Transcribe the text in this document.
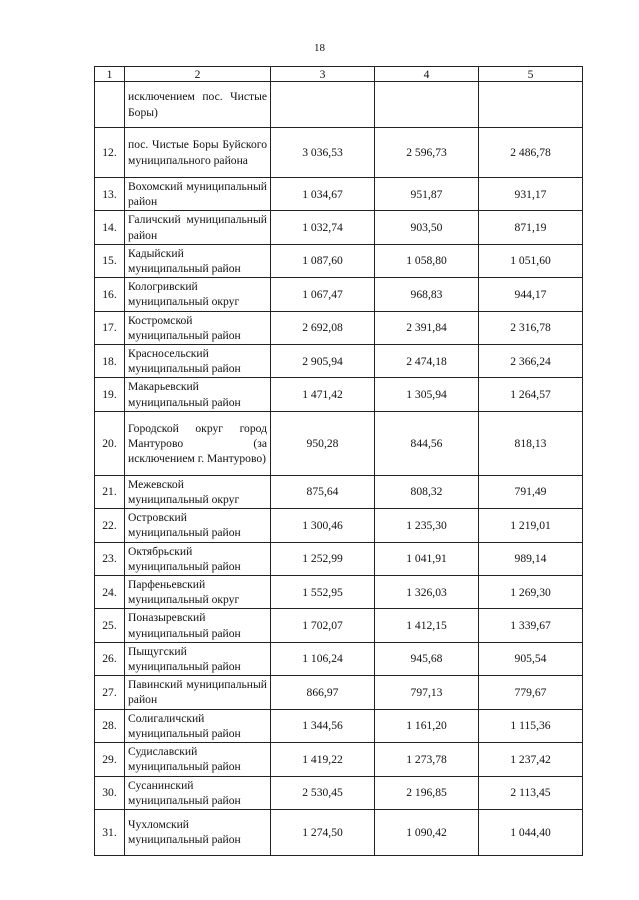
18
1	2	3	4	5
	исключением пос. Чистые Боры)			
12.	пос. Чистые Боры Буйского муниципального района	3 036,53	2 596,73	2 486,78
13.	Вохомский муниципальный район	1 034,67	951,87	931,17
14.	Галичский муниципальный район	1 032,74	903,50	871,19
15.	Кадыйский муниципальный район	1 087,60	1 058,80	1 051,60
16.	Кологривский муниципальный округ	1 067,47	968,83	944,17
17.	Костромской муниципальный район	2 692,08	2 391,84	2 316,78
18.	Красносельский муниципальный район	2 905,94	2 474,18	2 366,24
19.	Макарьевский муниципальный район	1 471,42	1 305,94	1 264,57
20.	Городской округ город Мантурово (за исключением г. Мантурово)	950,28	844,56	818,13
21.	Межевской муниципальный округ	875,64	808,32	791,49
22.	Островский муниципальный район	1 300,46	1 235,30	1 219,01
23.	Октябрьский муниципальный район	1 252,99	1 041,91	989,14
24.	Парфеньевский муниципальный округ	1 552,95	1 326,03	1 269,30
25.	Поназыревский муниципальный район	1 702,07	1 412,15	1 339,67
26.	Пыщугский муниципальный район	1 106,24	945,68	905,54
27.	Павинский муниципальный район	866,97	797,13	779,67
28.	Солигаличский муниципальный район	1 344,56	1 161,20	1 115,36
29.	Судиславский муниципальный район	1 419,22	1 273,78	1 237,42
30.	Сусанинский муниципальный район	2 530,45	2 196,85	2 113,45
31.	Чухломский муниципальный район	1 274,50	1 090,42	1 044,40
